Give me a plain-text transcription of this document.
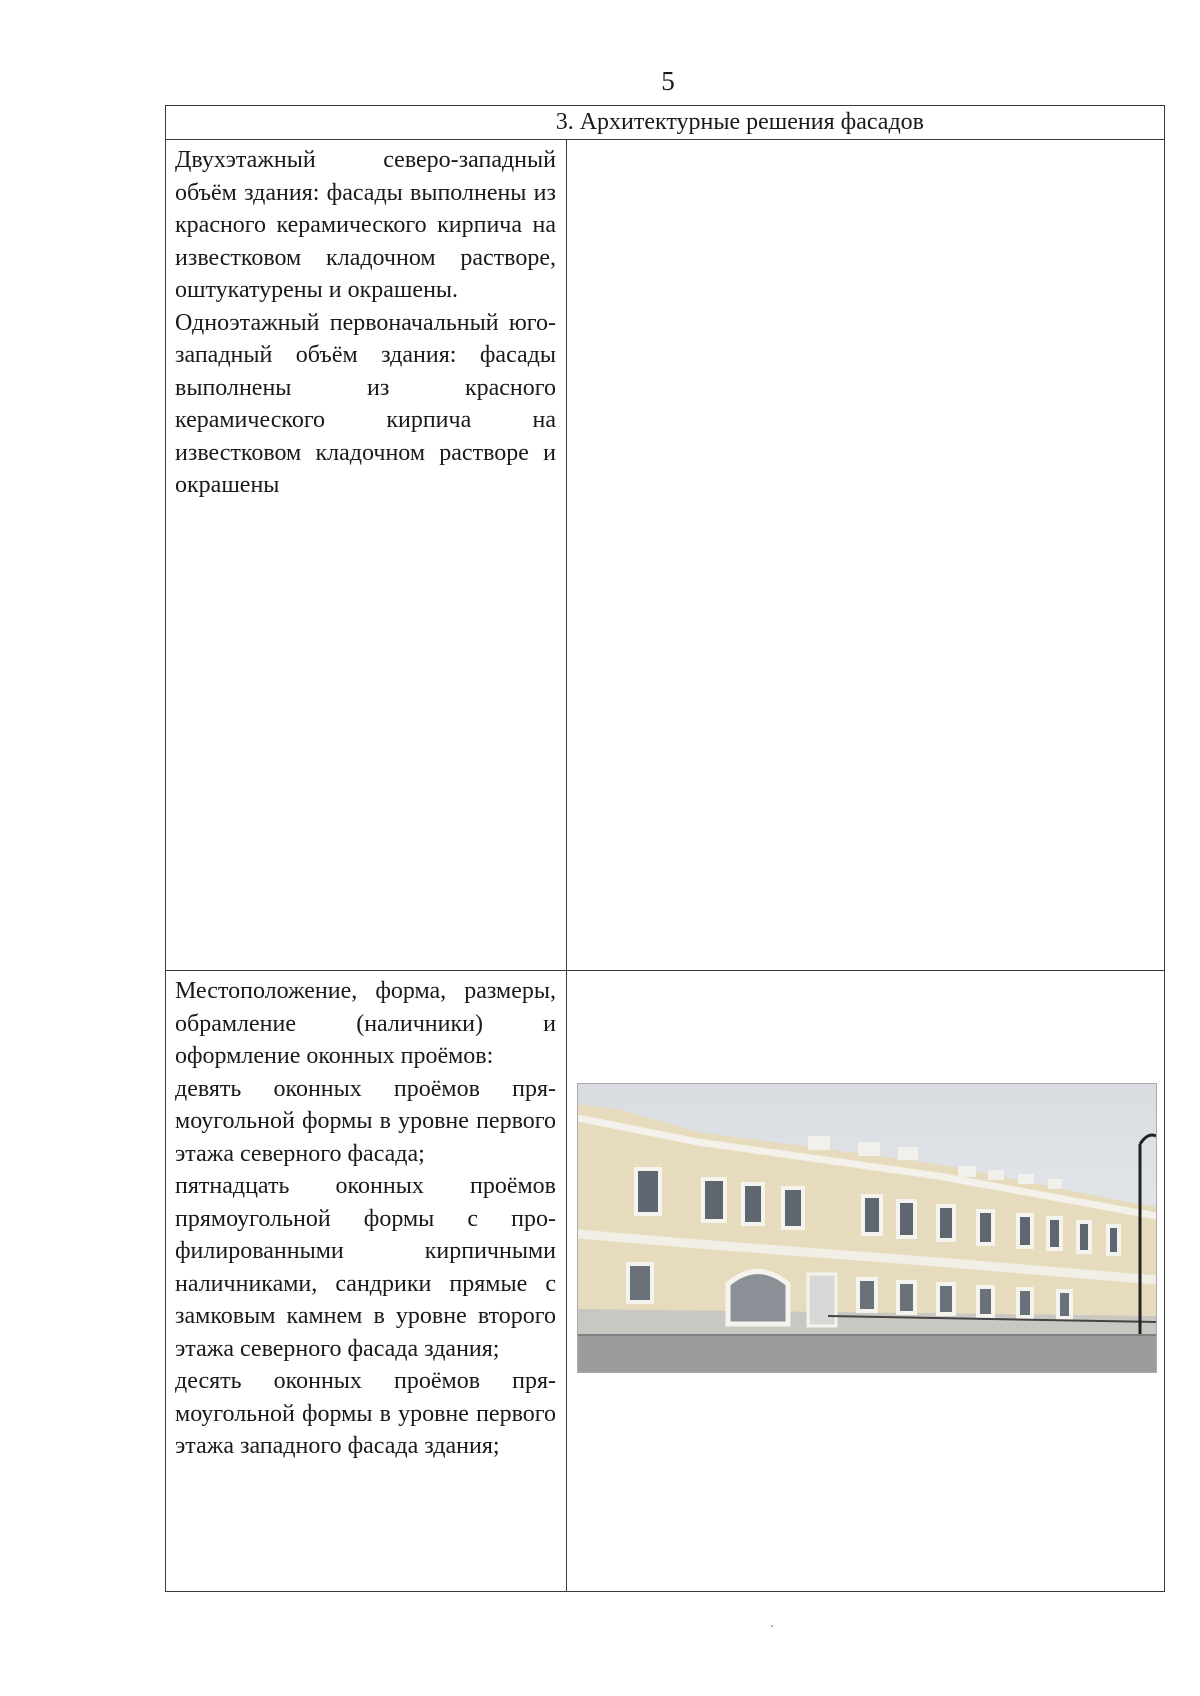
5
3. Архитектурные решения фасадов	

Двухэтажный северо-западный объём здания: фасады выполнены из красного керамического кирпича на известковом кладочном растворе, оштукатурены и окрашены.

Одноэтажный первоначальный юго-западный объём здания: фасады выполнены из красного керамического кирпича на известковом кладочном растворе и окрашены	

Местоположение, форма, размеры, обрамление (наличники) и оформление оконных проёмов:

девять оконных проёмов прямоугольной формы в уровне первого этажа северного фасада;

пятнадцать оконных проёмов прямоугольной формы с профилированными кирпичными наличниками, сандрики прямые с замковым камнем в уровне второго этажа северного фасада здания;

десять оконных проёмов прямоугольной формы в уровне первого этажа западного фасада здания;
